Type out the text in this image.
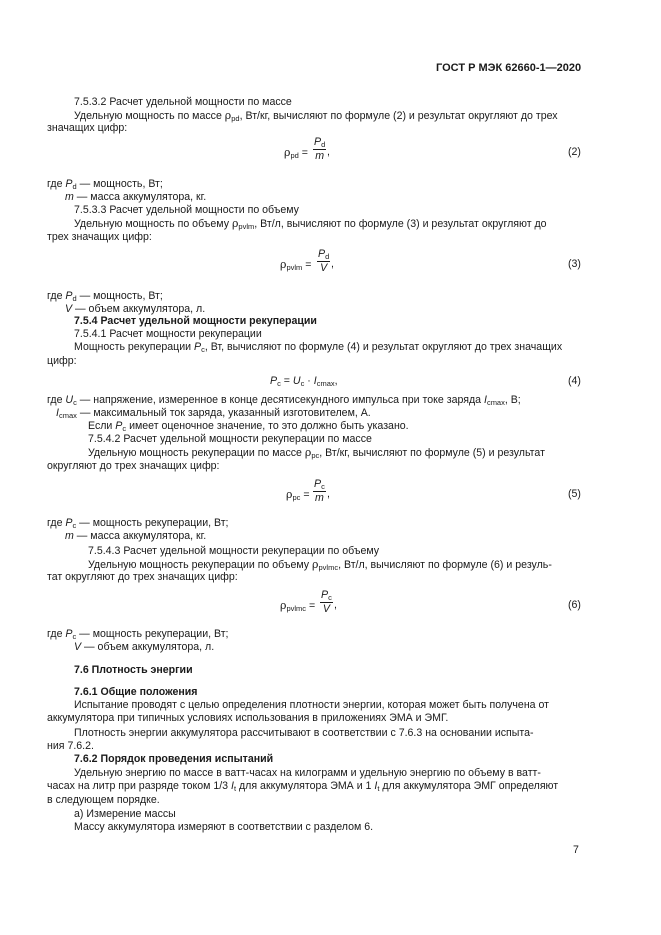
ГОСТ Р МЭК 62660-1—2020
7.5.3.2 Расчет удельной мощности по массе
Удельную мощность по массе ρpd, Вт/кг, вычисляют по формуле (2) и результат округляют до трех
значащих цифр:
$\rho pd = \frac{Pd}{m}$ ,	(2)
где Pd — мощность, Вт;
m — масса аккумулятора, кг.
7.5.3.3 Расчет удельной мощности по объему
Удельную мощность по объему ρpvlm, Вт/л, вычисляют по формуле (3) и результат округляют до
трех значащих цифр:
ρpvlm = $\frac{Pd}{V}$ ,	(3)
где Pd — мощность, Вт;
V — объем аккумулятора, л.
7.5.4 Расчет удельной мощности рекуперации
7.5.4.1 Расчет мощности рекуперации
Мощность рекуперации Pc, Вт, вычисляют по формуле (4) и результат округляют до трех значащих
цифр:
Pc = Uc · Icmax,	(4)
где Uc — напряжение, измеренное в конце десятисекундного импульса при токе заряда Icmax, В;
Icmax — максимальный ток заряда, указанный изготовителем, А.
Если Pc имеет оценочное значение, то это должно быть указано.
7.5.4.2 Расчет удельной мощности рекуперации по массе
Удельную мощность рекуперации по массе ρpc, Вт/кг, вычисляют по формуле (5) и результат
округляют до трех значащих цифр:
$\rho pc = \frac{Pc}{m}$ ,	(5)
где Pc — мощность рекуперации, Вт;
m — масса аккумулятора, кг.
7.5.4.3 Расчет удельной мощности рекуперации по объему
Удельную мощность рекуперации по объему ρpvlmc, Вт/л, вычисляют по формуле (6) и резуль-
тат округляют до трех значащих цифр:
ρpvlmc = $\frac{Pc}{V}$ ,	(6)
где Pc — мощность рекуперации, Вт;
V — объем аккумулятора, л.
7.6 Плотность энергии
7.6.1 Общие положения
Испытание проводят с целью определения плотности энергии, которая может быть получена от
аккумулятора при типичных условиях использования в приложениях ЭМА и ЭМГ.
Плотность энергии аккумулятора рассчитывают в соответствии с 7.6.3 на основании испыта-
ния 7.6.2.
7.6.2 Порядок проведения испытаний
Удельную энергию по массе в ватт-часах на килограмм и удельную энергию по объему в ватт-
часах на литр при разряде током 1/3 It для аккумулятора ЭМА и 1 It для аккумулятора ЭМГ определяют
в следующем порядке.
а) Измерение массы
Массу аккумулятора измеряют в соответствии с разделом 6.
7
